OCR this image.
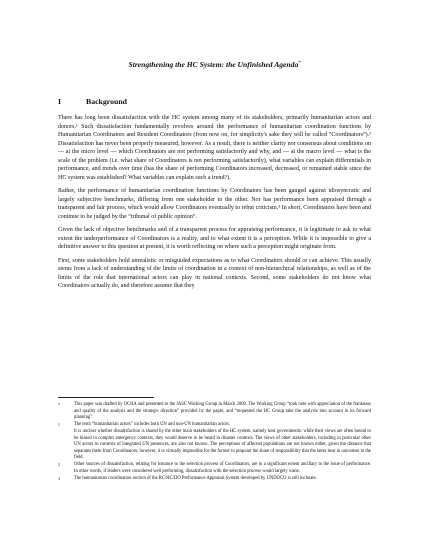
Strengthening the HC System: the Unfinished Agenda*
I	Background

There has long been dissatisfaction with the HC system among many of its stakeholders, primarily humanitarian actors and donors.¹ Such dissatisfaction fundamentally revolves around the performance of humanitarian coordination functions by Humanitarian Coordinators and Resident Coordinators (from now on, for simplicity's sake they will be called “Coordinators”).² Dissatisfaction has never been properly measured, however. As a result, there is neither clarity nor consensus about conditions on — at the micro level — which Coordinators are not performing satisfactorily and why, and — at the macro level — what is the scale of the problem (i.e. what share of Coordinators is not performing satisfactorily), what variables can explain differentials in performance, and trends over time (has the share of performing Coordinators increased, decreased, or remained stable since the HC system was established? What variables can explain such a trend?).

Rather, the performance of humanitarian coordination functions by Coordinators has been gauged against idiosyncratic and largely subjective benchmarks, differing from one stakeholder to the other. Nor has performance been appraised through a transparent and fair process, which would allow Coordinators eventually to rebut criticism.³ In short, Coordinators have been and continue to be judged by the “tribunal of public opinion”.

Given the lack of objective benchmarks and of a transparent process for appraising performance, it is legitimate to ask to what extent the underperformance of Coordinators is a reality, and to what extent it is a perception. While it is impossible to give a definitive answer to this question at present, it is worth reflecting on where such a perception might originate from.

First, some stakeholders hold unrealistic or misguided expectations as to what Coordinators should or can achieve. This usually stems from a lack of understanding of the limits of coordination in a context of non-hierarchical relationships, as well as of the limits of the role that international actors can play in national contexts. Second, some stakeholders do not know what Coordinators actually do, and therefore assume that they

*	This paper was drafted by OCHA and presented to the IASC Working Group in March 2009. The Working Group “took note with appreciation of the frankness and quality of the analysis and the strategic direction” provided by the paper, and “requested the HC Group take the analysis into account in its forward planning”.
1	The term “humanitarian actors” includes both UN and non-UN humanitarian actors.
It is unclear whether dissatisfaction is shared by the other main stakeholders of the HC system, namely host governments: while their views are often bound to be biased in complex emergency contexts, they would deserve to be heard in disaster contexts. The views of other stakeholders, including in particular other UN actors in contexts of integrated UN presences, are also not known. The perceptions of affected populations are not known either, given the distance that separates them from Coordinators; however, it is virtually impossible for the former to pinpoint the share of responsibility that the latter bear in outcomes in the field.
2	Other sources of dissatisfaction, relating for instance to the selection process of Coordinators, are to a significant extent ancillary to the issue of performance. In other words, if leaders were considered well performing, dissatisfaction with the selection process would largely wane.
3	The humanitarian coordination section of the RC/HC/DO Performance Appraisal System developed by UNDOCO is still inchoate.
